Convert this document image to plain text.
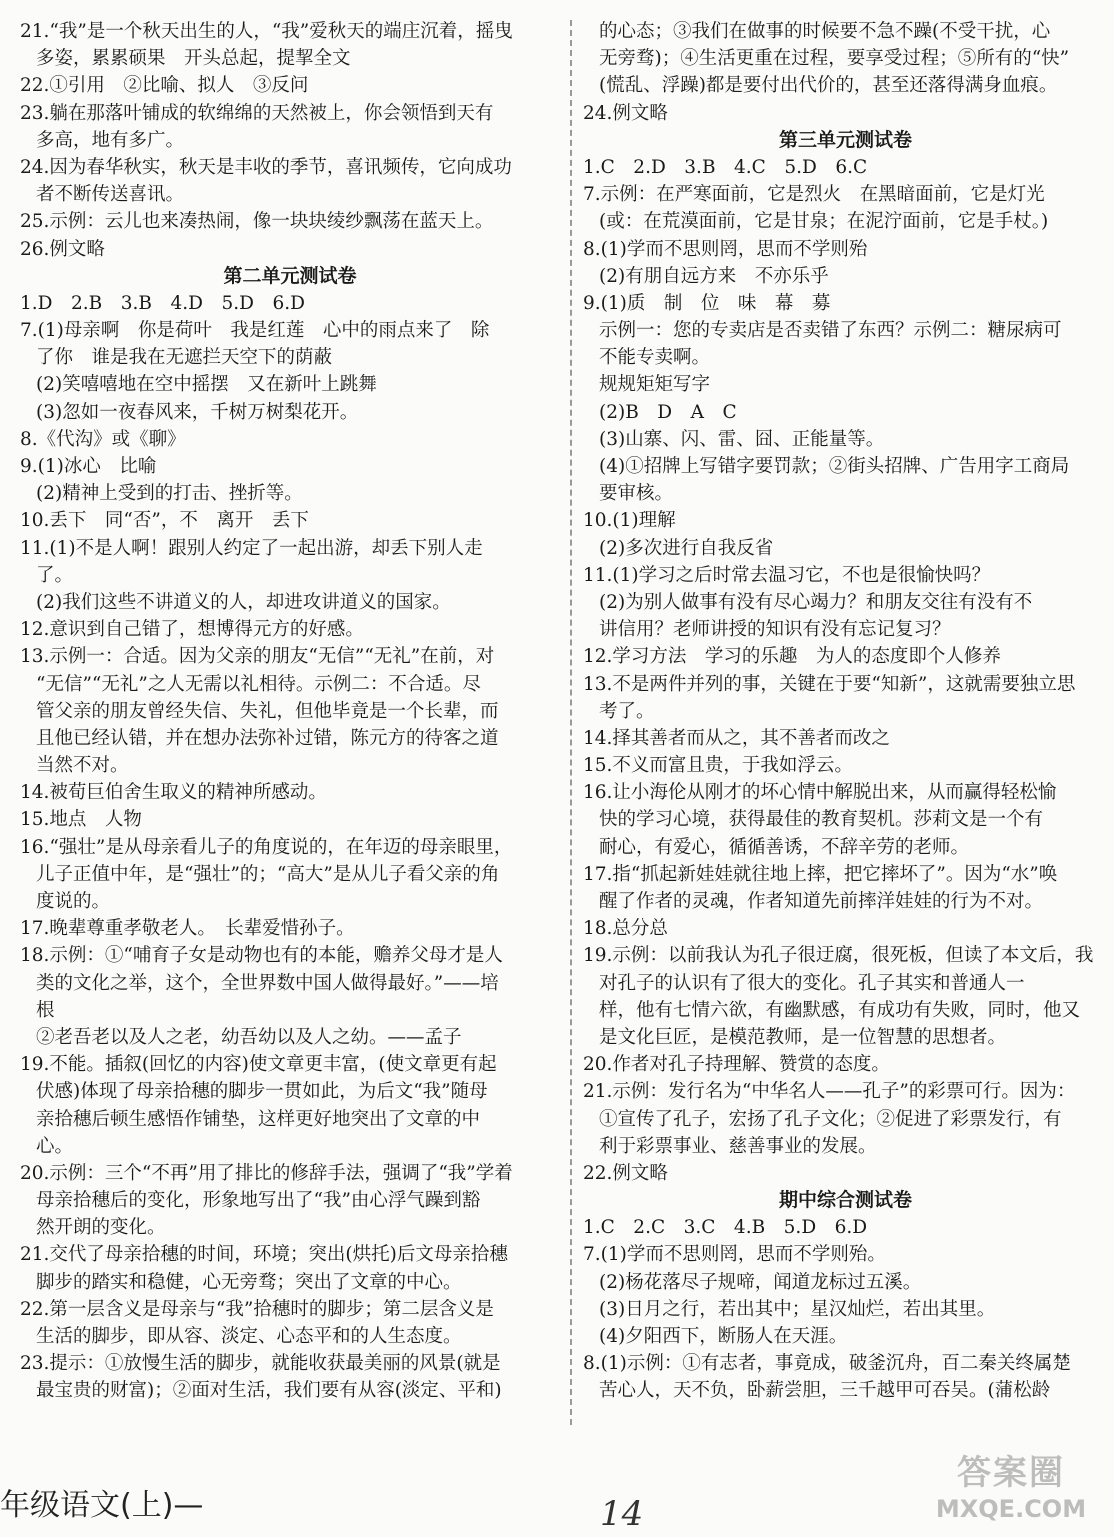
21.“我”是一个秋天出生的人，“我”爱秋天的端庄沉着，摇曳
多姿，累累硕果　开头总起，提挈全文
22.①引用　②比喻、拟人　③反问
23.躺在那落叶铺成的软绵绵的天然被上，你会领悟到天有
多高，地有多广。
24.因为春华秋实，秋天是丰收的季节，喜讯频传，它向成功
者不断传送喜讯。
25.示例：云儿也来凑热闹，像一块块绫纱飘荡在蓝天上。
26.例文略
第二单元测试卷
1.D　2.B　3.B　4.D　5.D　6.D
7.(1)母亲啊　你是荷叶　我是红莲　心中的雨点来了　除
了你　谁是我在无遮拦天空下的荫蔽
(2)笑嘻嘻地在空中摇摆　又在新叶上跳舞
(3)忽如一夜春风来，千树万树梨花开。
8.《代沟》或《聊》
9.(1)冰心　比喻
(2)精神上受到的打击、挫折等。
10.丢下　同“否”，不　离开　丢下
11.(1)不是人啊！跟别人约定了一起出游，却丢下别人走
了。
(2)我们这些不讲道义的人，却进攻讲道义的国家。
12.意识到自己错了，想博得元方的好感。
13.示例一：合适。因为父亲的朋友“无信”“无礼”在前，对
“无信”“无礼”之人无需以礼相待。示例二：不合适。尽
管父亲的朋友曾经失信、失礼，但他毕竟是一个长辈，而
且他已经认错，并在想办法弥补过错，陈元方的待客之道
当然不对。
14.被荀巨伯舍生取义的精神所感动。
15.地点　人物
16.“强壮”是从母亲看儿子的角度说的，在年迈的母亲眼里，
儿子正值中年，是“强壮”的；“高大”是从儿子看父亲的角
度说的。
17.晚辈尊重孝敬老人。　长辈爱惜孙子。
18.示例：①“哺育子女是动物也有的本能，赡养父母才是人
类的文化之举，这个，全世界数中国人做得最好。”——培
根
②老吾老以及人之老，幼吾幼以及人之幼。——孟子
19.不能。插叙(回忆的内容)使文章更丰富，(使文章更有起
伏感)体现了母亲拾穗的脚步一贯如此，为后文“我”随母
亲拾穗后顿生感悟作铺垫，这样更好地突出了文章的中
心。
20.示例：三个“不再”用了排比的修辞手法，强调了“我”学着
母亲拾穗后的变化，形象地写出了“我”由心浮气躁到豁
然开朗的变化。
21.交代了母亲拾穗的时间，环境；突出(烘托)后文母亲拾穗
脚步的踏实和稳健，心无旁骛；突出了文章的中心。
22.第一层含义是母亲与“我”拾穗时的脚步；第二层含义是
生活的脚步，即从容、淡定、心态平和的人生态度。
23.提示：①放慢生活的脚步，就能收获最美丽的风景(就是
最宝贵的财富)；②面对生活，我们要有从容(淡定、平和)
的心态；③我们在做事的时候要不急不躁(不受干扰，心
无旁骛)；④生活更重在过程，要享受过程；⑤所有的“快”
(慌乱、浮躁)都是要付出代价的，甚至还落得满身血痕。
24.例文略
第三单元测试卷
1.C　2.D　3.B　4.C　5.D　6.C
7.示例：在严寒面前，它是烈火　在黑暗面前，它是灯光
(或：在荒漠面前，它是甘泉；在泥泞面前，它是手杖。)
8.(1)学而不思则罔，思而不学则殆
(2)有朋自远方来　不亦乐乎
9.(1)质　制　位　味　幕　募
示例一：您的专卖店是否卖错了东西？示例二：糖尿病可
不能专卖啊。
规规矩矩写字
(2)B　D　A　C
(3)山寨、闪、雷、囧、正能量等。
(4)①招牌上写错字要罚款；②街头招牌、广告用字工商局
要审核。
10.(1)理解
(2)多次进行自我反省
11.(1)学习之后时常去温习它，不也是很愉快吗？
(2)为别人做事有没有尽心竭力？和朋友交往有没有不
讲信用？老师讲授的知识有没有忘记复习？
12.学习方法　学习的乐趣　为人的态度即个人修养
13.不是两件并列的事，关键在于要“知新”，这就需要独立思
考了。
14.择其善者而从之，其不善者而改之
15.不义而富且贵，于我如浮云。
16.让小海伦从刚才的坏心情中解脱出来，从而赢得轻松愉
快的学习心境，获得最佳的教育契机。莎莉文是一个有
耐心，有爱心，循循善诱，不辞辛劳的老师。
17.指“抓起新娃娃就往地上摔，把它摔坏了”。因为“水”唤
醒了作者的灵魂，作者知道先前摔洋娃娃的行为不对。
18.总分总
19.示例：以前我认为孔子很迂腐，很死板，但读了本文后，我
对孔子的认识有了很大的变化。孔子其实和普通人一
样，他有七情六欲，有幽默感，有成功有失败，同时，他又
是文化巨匠，是模范教师，是一位智慧的思想者。
20.作者对孔子持理解、赞赏的态度。
21.示例：发行名为“中华名人——孔子”的彩票可行。因为：
①宣传了孔子，宏扬了孔子文化；②促进了彩票发行，有
利于彩票事业、慈善事业的发展。
22.例文略
期中综合测试卷
1.C　2.C　3.C　4.B　5.D　6.D
7.(1)学而不思则罔，思而不学则殆。
(2)杨花落尽子规啼，闻道龙标过五溪。
(3)日月之行，若出其中；星汉灿烂，若出其里。
(4)夕阳西下，断肠人在天涯。
8.(1)示例：①有志者，事竟成，破釜沉舟，百二秦关终属楚
苦心人，天不负，卧薪尝胆，三千越甲可吞吴。(蒲松龄
年级语文(上)—	14
答案圈
MXQE.COM
